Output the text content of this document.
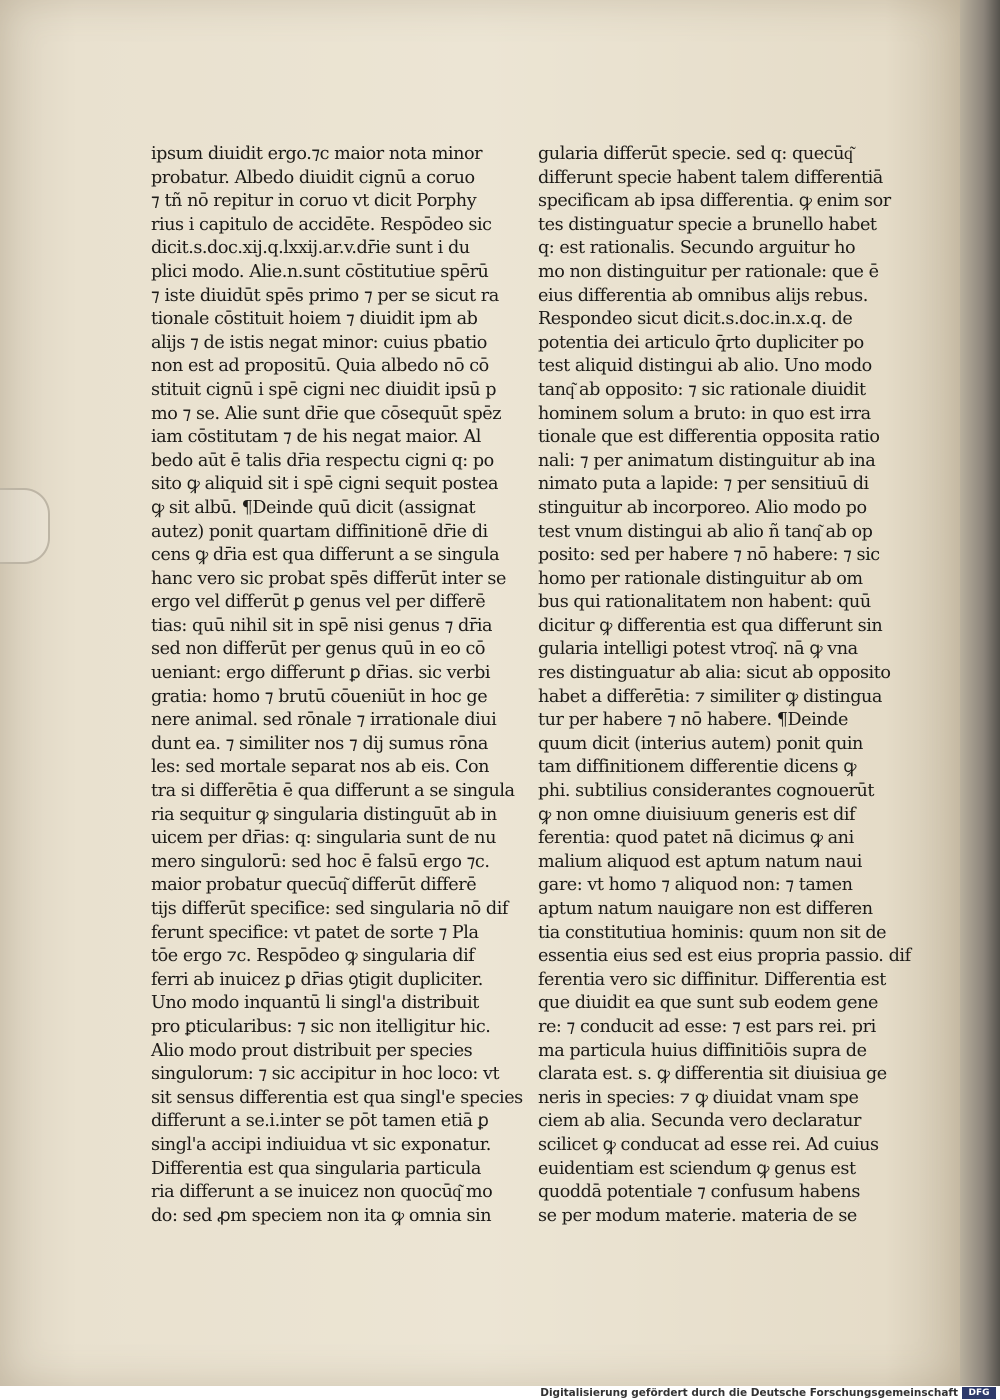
ipsum diuidit ergo.⁊c maior nota minor
probatur. Albedo diuidit cignū a coruo
⁊ tñ nō repitur in coruo vt dicit Porphy
rius i capitulo de accidēte. Respōdeo sic
dicit.s.doc.xij.q.lxxij.ar.v.dr̄ie sunt i du
plici modo. Alie.n.sunt cōstitutiue spērū
⁊ iste diuidūt spēs primo ⁊ per se sicut ra
tionale cōstituit hoiem ⁊ diuidit ipm ab
alijs ⁊ de istis negat minor: cuius pbatio
non est ad propositū. Quia albedo nō cō
stituit cignū i spē cigni nec diuidit ipsū p
mo ⁊ se. Alie sunt dr̄ie que cōsequūt spēz
iam cōstitutam ⁊ de his negat maior. Al
bedo aūt ē talis dr̄ia respectu cigni q: po
sito ꝙ aliquid sit i spē cigni sequit postea
ꝙ sit albū. ¶Deinde quū dicit (assignat
autez) ponit quartam diffinitionē dr̄ie di
cens ꝙ dr̄ia est qua differunt a se singula
hanc vero sic probat spēs differūt inter se
ergo vel differūt ꝑ genus vel per differē
tias: quū nihil sit in spē nisi genus ⁊ dr̄ia
sed non differūt per genus quū in eo cō
ueniant: ergo differunt ꝑ dr̄ias. sic verbi
gratia: homo ⁊ brutū cōueniūt in hoc ge
nere animal. sed rōnale ⁊ irrationale diui
dunt ea. ⁊ similiter nos ⁊ dij sumus rōna
les: sed mortale separat nos ab eis. Con
tra si differētia ē qua differunt a se singula
ria sequitur ꝙ singularia distinguūt ab in
uicem per dr̄ias: q: singularia sunt de nu
mero singulorū: sed hoc ē falsū ergo ⁊c.
maior probatur quecūq͂ differūt differē
tijs differūt specifice: sed singularia nō dif
ferunt specifice: vt patet de sorte ⁊ Pla
tōe ergo ⁊c. Respōdeo ꝙ singularia dif
ferri ab inuicez ꝑ dr̄ias ꝯtigit dupliciter.
Uno modo inquantū li singl'a distribuit
pro ꝑticularibus: ⁊ sic non itelligitur hic.
Alio modo prout distribuit per species
singulorum: ⁊ sic accipitur in hoc loco: vt
sit sensus differentia est qua singl'e species
differunt a se.i.inter se pōt tamen etiā ꝑ
singl'a accipi indiuidua vt sic exponatur.
Differentia est qua singularia particula
ria differunt a se inuicez non quocūq͂ mo
do: sed ꝓm speciem non ita ꝙ omnia sin
gularia differūt specie. sed q: quecūq͂
differunt specie habent talem differentiā
specificam ab ipsa differentia. ꝙ enim sor
tes distinguatur specie a brunello habet
q: est rationalis. Secundo arguitur ho
mo non distinguitur per rationale: que ē
eius differentia ab omnibus alijs rebus.
Respondeo sicut dicit.s.doc.in.x.q. de
potentia dei articulo q̄rto dupliciter po
test aliquid distingui ab alio. Uno modo
tanq͂ ab opposito: ⁊ sic rationale diuidit
hominem solum a bruto: in quo est irra
tionale que est differentia opposita ratio
nali: ⁊ per animatum distinguitur ab ina
nimato puta a lapide: ⁊ per sensitiuū di
stinguitur ab incorporeo. Alio modo po
test vnum distingui ab alio ñ tanq͂ ab op
posito: sed per habere ⁊ nō habere: ⁊ sic
homo per rationale distinguitur ab om
bus qui rationalitatem non habent: quū
dicitur ꝙ differentia est qua differunt sin
gularia intelligi potest vtroq͂. nā ꝙ vna
res distinguatur ab alia: sicut ab opposito
habet a differētia: ⁊ similiter ꝙ distingua
tur per habere ⁊ nō habere. ¶Deinde
quum dicit (interius autem) ponit quin
tam diffinitionem differentie dicens ꝙ
phi. subtilius considerantes cognouerūt
ꝙ non omne diuisiuum generis est dif
ferentia: quod patet nā dicimus ꝙ ani
malium aliquod est aptum natum naui
gare: vt homo ⁊ aliquod non: ⁊ tamen
aptum natum nauigare non est differen
tia constitutiua hominis: quum non sit de
essentia eius sed est eius propria passio. dif
ferentia vero sic diffinitur. Differentia est
que diuidit ea que sunt sub eodem gene
re: ⁊ conducit ad esse: ⁊ est pars rei. pri
ma particula huius diffinitiōis supra de
clarata est. s. ꝙ differentia sit diuisiua ge
neris in species: ⁊ ꝙ diuidat vnam spe
ciem ab alia. Secunda vero declaratur
scilicet ꝙ conducat ad esse rei. Ad cuius
euidentiam est sciendum ꝙ genus est
quoddā potentiale ⁊ confusum habens
se per modum materie. materia de se
Digitalisierung gefördert durch die Deutsche Forschungsgemeinschaft	DFG
